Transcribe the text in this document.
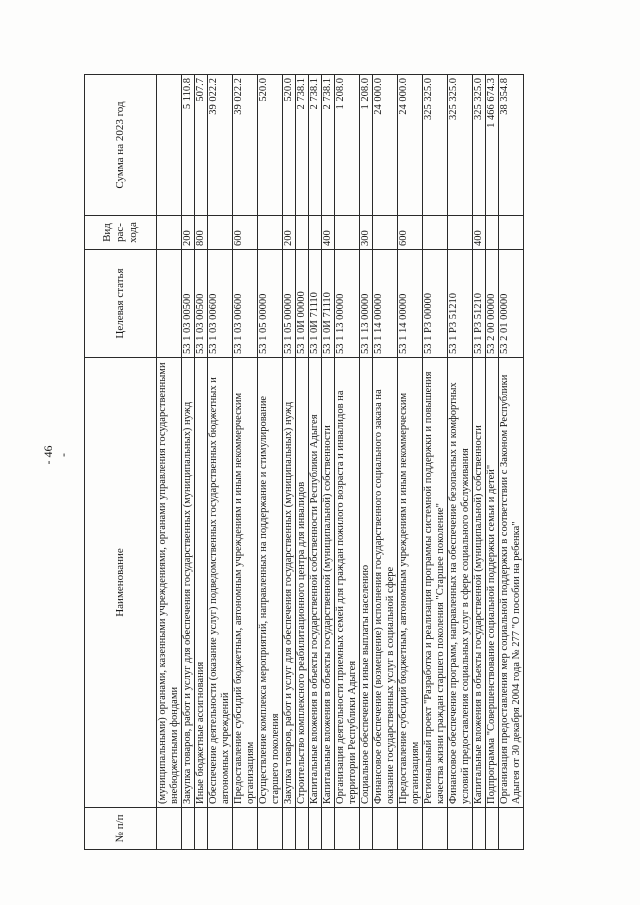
- 46 -
№ п/п	Наименование	Целевая статья	Вид рас- хода	Сумма на 2023 год
	(муниципальными) органами, казенными учреждениями, органами управления государственными внебюджетными фондами			
	Закупка товаров, работ и услуг для обеспечения государственных (муниципальных) нужд	53 1 03 00500	200	5 110.8
	Иные бюджетные ассигнования	53 1 03 00500	800	507.7
	Обеспечение деятельности (оказание услуг) подведомственных государственных бюджетных и автономных учреждений	53 1 03 00600		39 022.2
	Предоставление субсидий бюджетным, автономным учреждениям и иным некоммерческим организациям	53 1 03 00600	600	39 022.2
	Осуществление комплекса мероприятий, направленных на поддержание и стимулирование старшего поколения	53 1 05 00000		520.0
	Закупка товаров, работ и услуг для обеспечения государственных (муниципальных) нужд	53 1 05 00000	200	520.0
	Строительство комплексного реабилитационного центра для инвалидов	53 1 0И 00000		2 738.1
	Капитальные вложения в объекты государственной собственности Республики Адыгея	53 1 0И 71110		2 738.1
	Капитальные вложения в объекты государственной (муниципальной) собственности	53 1 0И 71110	400	2 738.1
	Организация деятельности приемных семей для граждан пожилого возраста и инвалидов на территории Республики Адыгея	53 1 13 00000		1 208.0
	Социальное обеспечение и иные выплаты населению	53 1 13 00000	300	1 208.0
	Финансовое обеспечение (возмещение) исполнения государственного социального заказа на оказание государственных услуг в социальной сфере	53 1 14 00000		24 000.0
	Предоставление субсидий бюджетным, автономным учреждениям и иным некоммерческим организациям	53 1 14 00000	600	24 000.0
	Региональный проект "Разработка и реализация программы системной поддержки и повышения качества жизни граждан старшего поколения "Старшее поколение"	53 1 Р3 00000		325 325.0
	Финансовое обеспечение программ, направленных на обеспечение безопасных и комфортных условий предоставления социальных услуг в сфере социального обслуживания	53 1 Р3 51210		325 325.0
	Капитальные вложения в объекты государственной (муниципальной) собственности	53 1 Р3 51210	400	325 325.0
	Подпрограмма "Совершенствование социальной поддержки семьи и детей"	53 2 00 00000		1 466 674.3
	Организация предоставления мер социальной поддержки в соответствии с Законом Республики Адыгея от 30 декабря 2004 года № 277 "О пособии на ребенка"	53 2 01 00000		38 354.8
